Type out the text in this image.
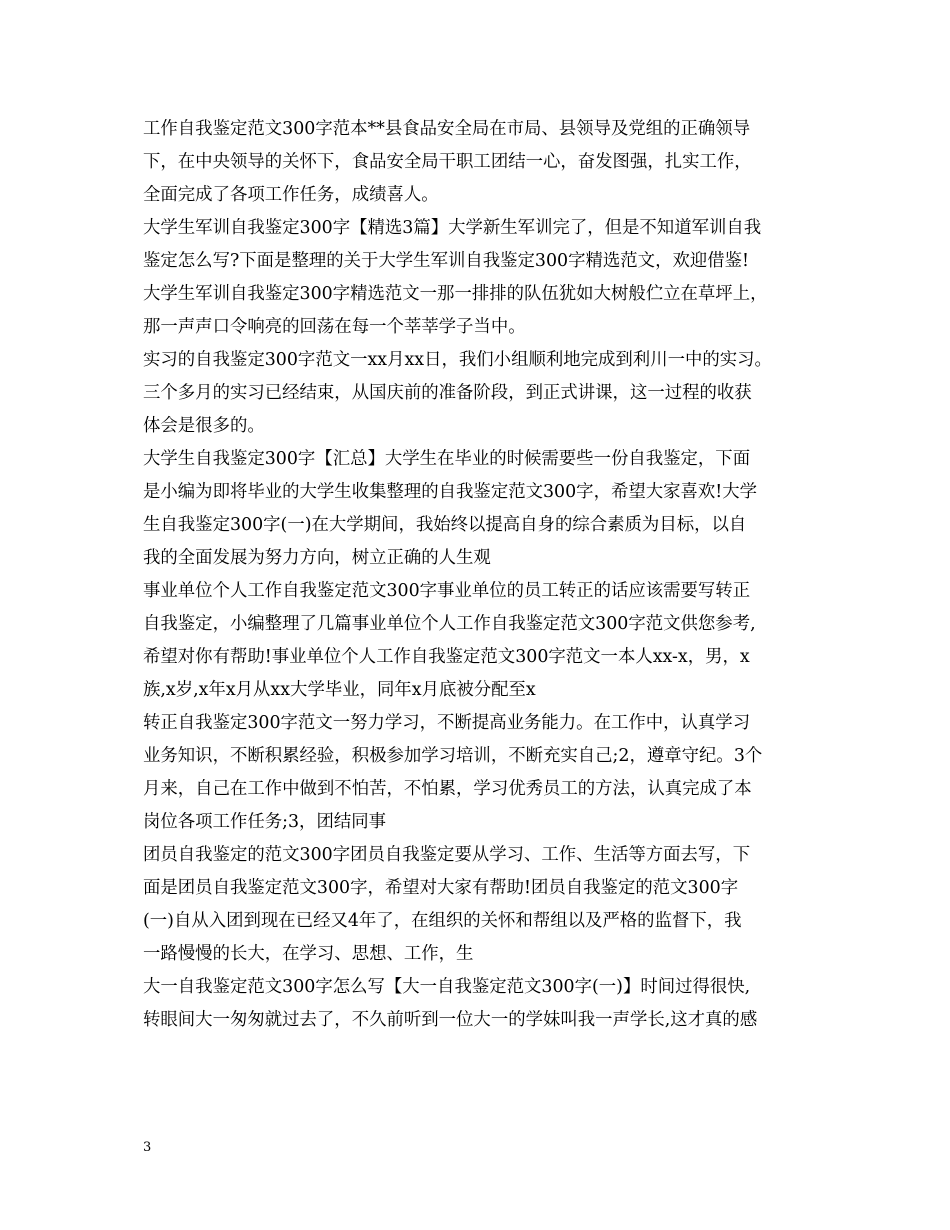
工作自我鉴定范文300字范本**县食品安全局在市局、县领导及党组的正确领导
下，在中央领导的关怀下，食品安全局干职工团结一心，奋发图强，扎实工作，
全面完成了各项工作任务，成绩喜人。
大学生军训自我鉴定300字【精选3篇】大学新生军训完了，但是不知道军训自我
鉴定怎么写?下面是整理的关于大学生军训自我鉴定300字精选范文，欢迎借鉴!
大学生军训自我鉴定300字精选范文一那一排排的队伍犹如大树般伫立在草坪上，
那一声声口令响亮的回荡在每一个莘莘学子当中。
实习的自我鉴定300字范文一xx月xx日，我们小组顺利地完成到利川一中的实习。
三个多月的实习已经结束，从国庆前的准备阶段，到正式讲课，这一过程的收获
体会是很多的。
大学生自我鉴定300字【汇总】大学生在毕业的时候需要些一份自我鉴定，下面
是小编为即将毕业的大学生收集整理的自我鉴定范文300字，希望大家喜欢!大学
生自我鉴定300字(一)在大学期间，我始终以提高自身的综合素质为目标，以自
我的全面发展为努力方向，树立正确的人生观
事业单位个人工作自我鉴定范文300字事业单位的员工转正的话应该需要写转正
自我鉴定，小编整理了几篇事业单位个人工作自我鉴定范文300字范文供您参考,
希望对你有帮助!事业单位个人工作自我鉴定范文300字范文一本人xx-x，男，x
族,x岁,x年x月从xx大学毕业，同年x月底被分配至x
转正自我鉴定300字范文一努力学习，不断提高业务能力。在工作中，认真学习
业务知识，不断积累经验，积极参加学习培训，不断充实自己;2，遵章守纪。3个
月来，自己在工作中做到不怕苦，不怕累，学习优秀员工的方法，认真完成了本
岗位各项工作任务;3，团结同事
团员自我鉴定的范文300字团员自我鉴定要从学习、工作、生活等方面去写，下
面是团员自我鉴定范文300字，希望对大家有帮助!团员自我鉴定的范文300字
(一)自从入团到现在已经又4年了，在组织的关怀和帮组以及严格的监督下，我
一路慢慢的长大，在学习、思想、工作，生
大一自我鉴定范文300字怎么写【大一自我鉴定范文300字(一)】时间过得很快,
转眼间大一匆匆就过去了，不久前听到一位大一的学妹叫我一声学长,这才真的感
3
